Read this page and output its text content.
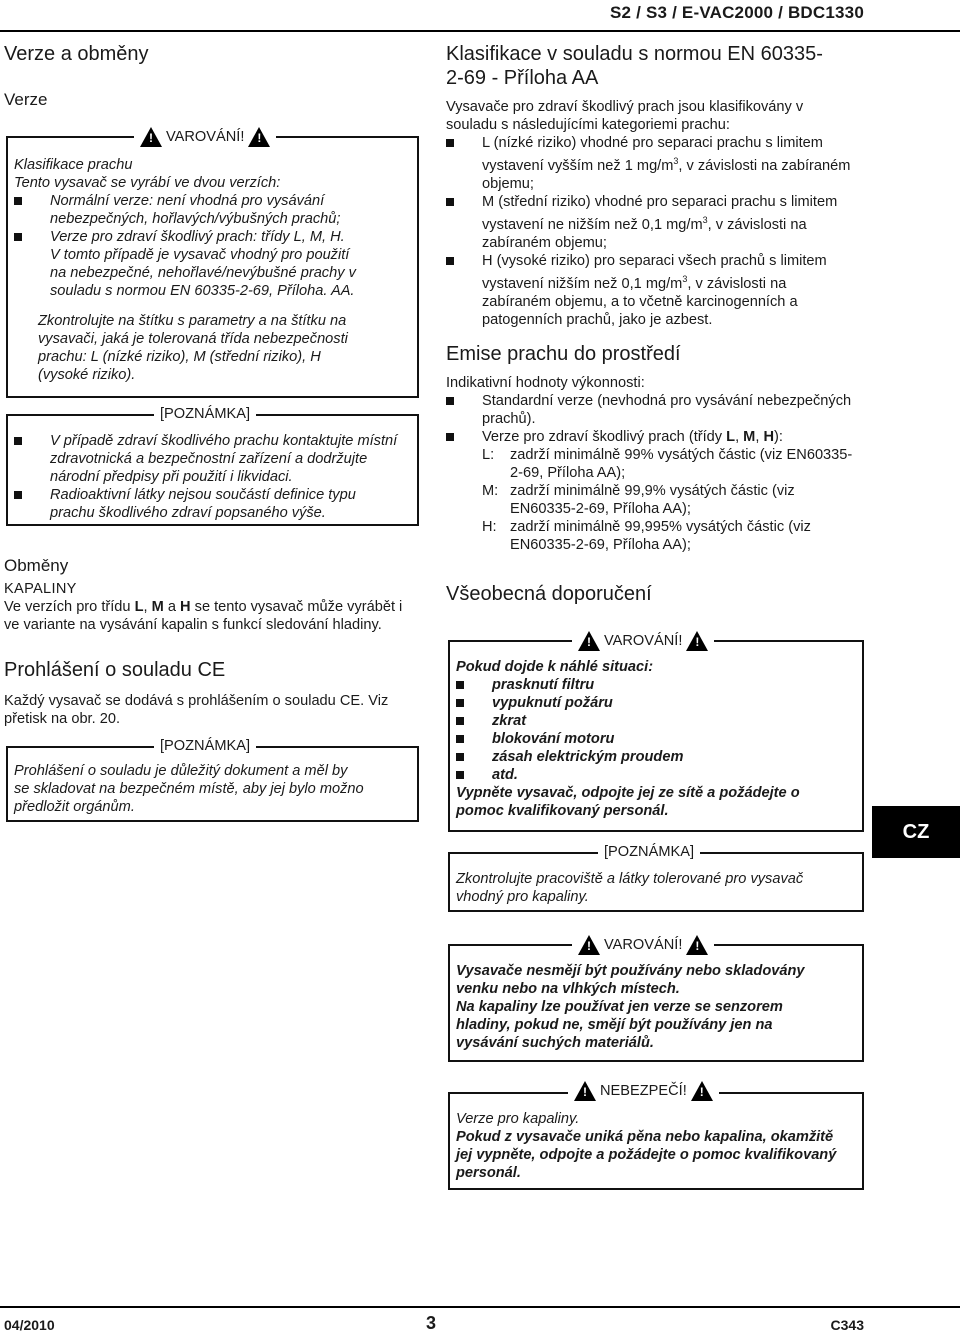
S2 / S3 / E-VAC2000 / BDC1330
Verze a obměny
Verze
! VAROVÁNÍ! !
Klasifikace prachu
Tento vysavač se vyrábí ve dvou verzích:
Normální verze: není vhodná pro vysávání
nebezpečných, hořlavých/výbušných prachů;
Verze pro zdraví škodlivý prach: třídy L, M, H.
V tomto případě je vysavač vhodný pro použití
na nebezpečné, nehořlavé/nevýbušné prachy v
souladu s normou EN 60335-2-69, Příloha. AA.
Zkontrolujte na štítku s parametry a na štítku na
vysavači, jaká je tolerovaná třída nebezpečnosti
prachu: L (nízké riziko), M (střední riziko), H
(vysoké riziko).
[POZNÁMKA]
V případě zdraví škodlivého prachu kontaktujte místní
zdravotnická a bezpečnostní zařízení a dodržujte
národní předpisy při použití i likvidaci.
Radioaktivní látky nejsou součástí definice typu
prachu škodlivého zdraví popsaného výše.
Obměny
KAPALINY
Ve verzích pro třídu L, M a H se tento vysavač může vyrábět i
ve variante na vysávání kapalin s funkcí sledování hladiny.
Prohlášení o souladu CE
Každý vysavač se dodává s prohlášením o souladu CE. Viz
přetisk na obr. 20.
[POZNÁMKA]
Prohlášení o souladu je důležitý dokument a měl by
se skladovat na bezpečném místě, aby jej bylo možno
předložit orgánům.
Klasifikace v souladu s normou EN 60335-
2-69 - Příloha AA
Vysavače pro zdraví škodlivý prach jsou klasifikovány v
souladu s následujícími kategoriemi prachu:
L (nízké riziko) vhodné pro separaci prachu s limitem
vystavení vyšším než 1 $mg/m^3$, v závislosti na zabíraném
objemu;
M (střední riziko) vhodné pro separaci prachu s limitem
vystavení ne nižším než 0,1 $mg/m^3$, v závislosti na
zabíraném objemu;
H (vysoké riziko) pro separaci všech prachů s limitem
vystavení nižším než 0,1 $mg/m^3$, v závislosti na
zabíraném objemu, a to včetně karcinogenních a
patogenních prachů, jako je azbest.
Emise prachu do prostředí
Indikativní hodnoty výkonnosti:
Standardní verze (nevhodná pro vysávání nebezpečných
prachů).
Verze pro zdraví škodlivý prach (třídy L, M, H):
L: zadrží minimálně 99% vysátých částic (viz EN60335-
2-69, Příloha AA);
M: zadrží minimálně 99,9% vysátých částic (viz
EN60335-2-69, Příloha AA);
H: zadrží minimálně 99,995% vysátých částic (viz
EN60335-2-69, Příloha AA);
Všeobecná doporučení
! VAROVÁNÍ! !
Pokud dojde k náhlé situaci:
prasknutí filtru
vypuknutí požáru
zkrat
blokování motoru
zásah elektrickým proudem
atd.
Vypněte vysavač, odpojte jej ze sítě a požádejte o
pomoc kvalifikovaný personál.
[POZNÁMKA]
Zkontrolujte pracoviště a látky tolerované pro vysavač
vhodný pro kapaliny.
! VAROVÁNÍ! !
Vysavače nesmějí být používány nebo skladovány
venku nebo na vlhkých místech.
Na kapaliny lze používat jen verze se senzorem
hladiny, pokud ne, smějí být používány jen na
vysávání suchých materiálů.
! NEBEZPEČÍ! !
Verze pro kapaliny.
Pokud z vysavače uniká pěna nebo kapalina, okamžitě
jej vypněte, odpojte a požádejte o pomoc kvalifikovaný
personál.
CZ
04/2010	3	C343
